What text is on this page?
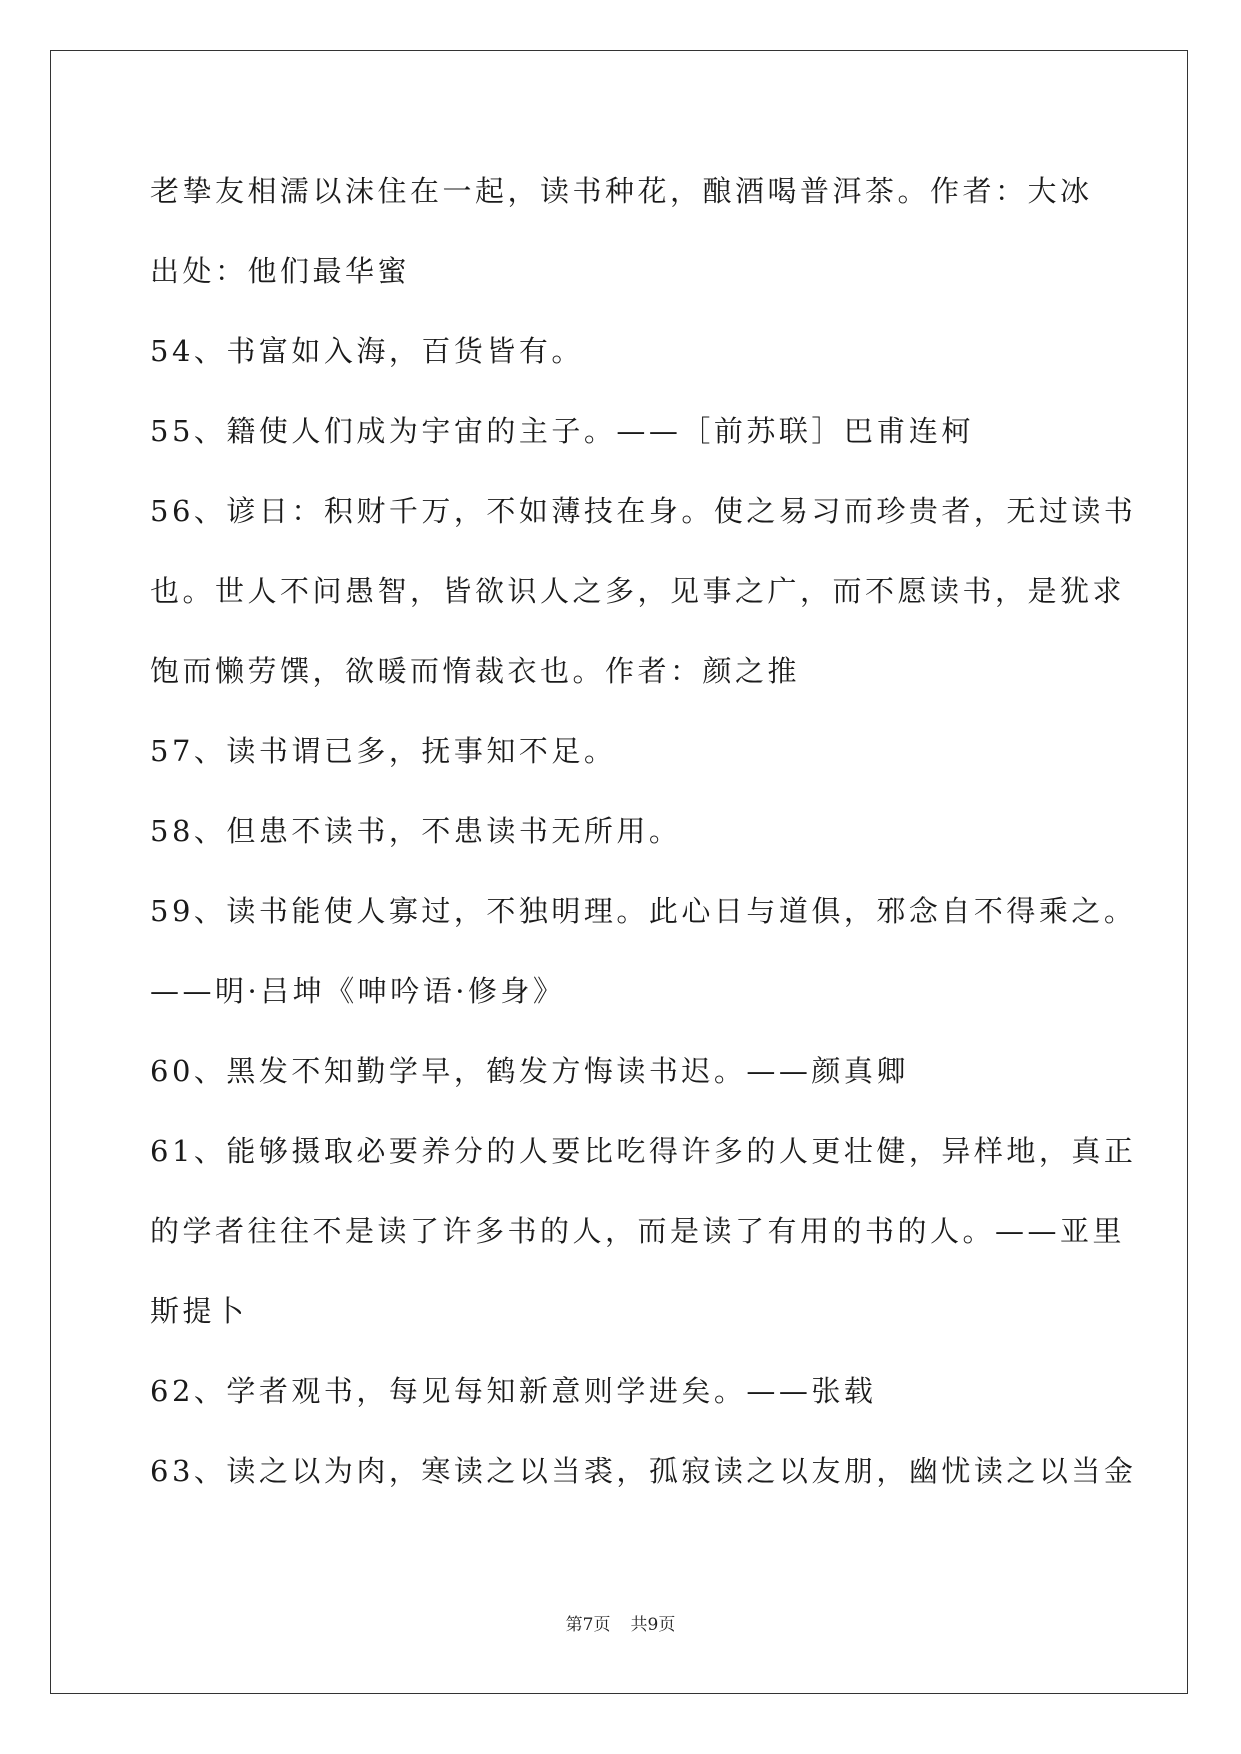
老挚友相濡以沫住在一起，读书种花，酿酒喝普洱茶。作者：大冰
出处：他们最华蜜
54、书富如入海，百货皆有。
55、籍使人们成为宇宙的主子。——［前苏联］巴甫连柯
56、谚日：积财千万，不如薄技在身。使之易习而珍贵者，无过读书
也。世人不问愚智，皆欲识人之多，见事之广，而不愿读书，是犹求
饱而懒劳馔，欲暖而惰裁衣也。作者：颜之推
57、读书谓已多，抚事知不足。
58、但患不读书，不患读书无所用。
59、读书能使人寡过，不独明理。此心日与道俱，邪念自不得乘之。
——明·吕坤《呻吟语·修身》
60、黑发不知勤学早，鹤发方悔读书迟。——颜真卿
61、能够摄取必要养分的人要比吃得许多的人更壮健，异样地，真正
的学者往往不是读了许多书的人，而是读了有用的书的人。——亚里
斯提卜
62、学者观书，每见每知新意则学进矣。——张载
63、读之以为肉，寒读之以当裘，孤寂读之以友朋，幽忧读之以当金
第7页 共9页
